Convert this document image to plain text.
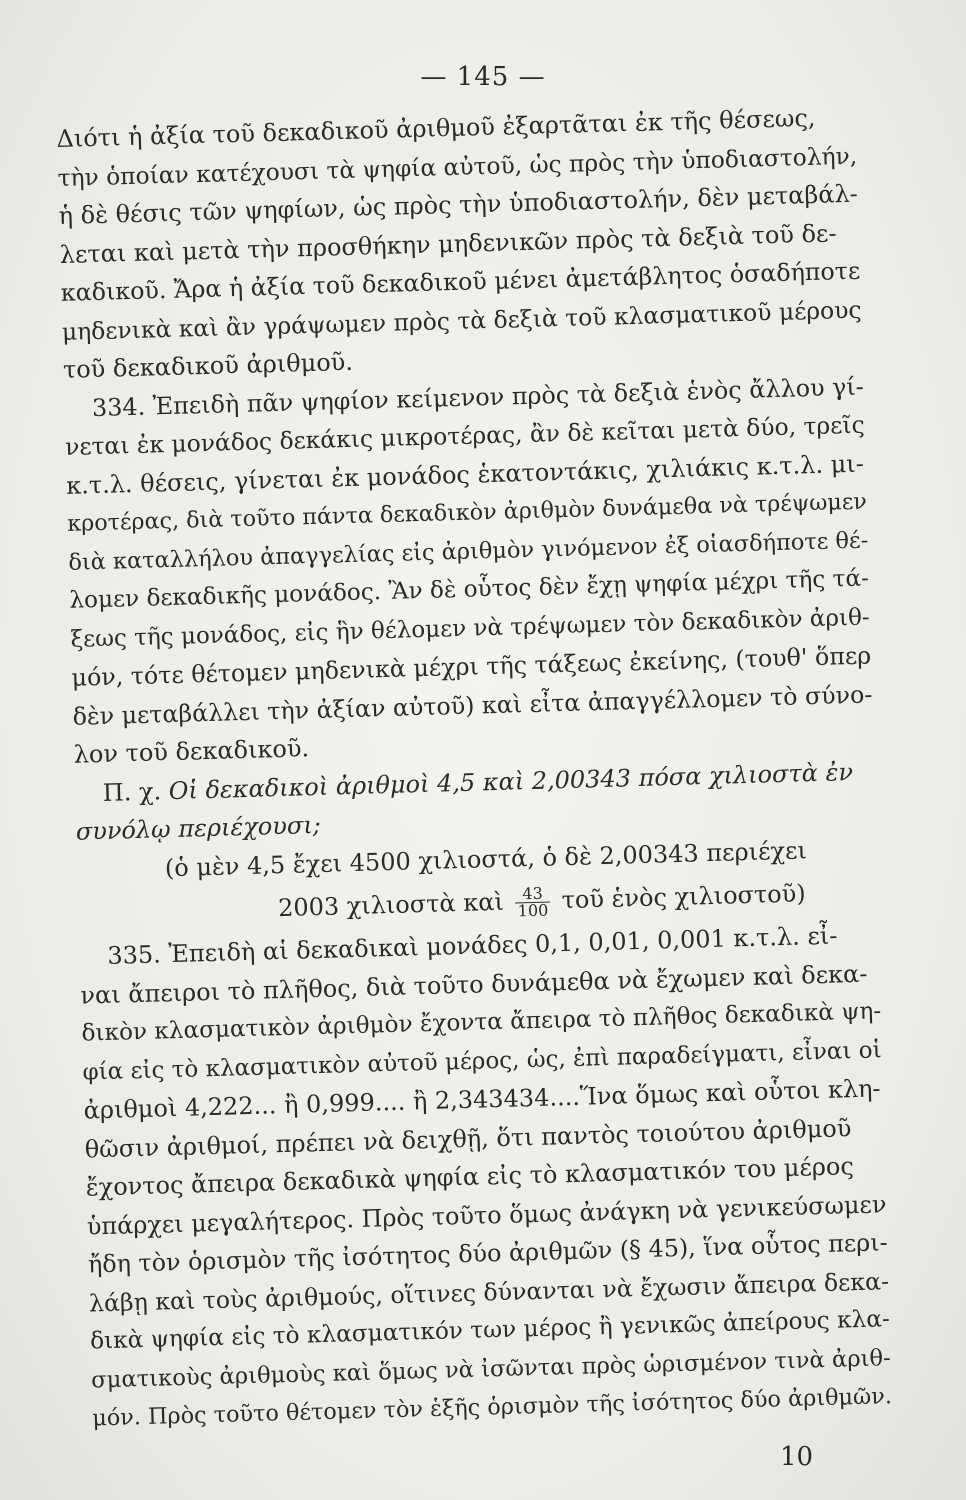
— 145 —
Διότι ἡ ἀξία τοῦ δεκαδικοῦ ἀριθμοῦ ἐξαρτᾶται ἐκ τῆς θέσεως,
τὴν ὁποίαν κατέχουσι τὰ ψηφία αὐτοῦ, ὡς πρὸς τὴν ὑποδιαστολήν,
ἡ δὲ θέσις τῶν ψηφίων, ὡς πρὸς τὴν ὑποδιαστολήν, δὲν μεταβάλ-
λεται καὶ μετὰ τὴν προσθήκην μηδενικῶν πρὸς τὰ δεξιὰ τοῦ δε-
καδικοῦ. Ἄρα ἡ ἀξία τοῦ δεκαδικοῦ μένει ἀμετάβλητος ὁσαδήποτε
μηδενικὰ καὶ ἂν γράψωμεν πρὸς τὰ δεξιὰ τοῦ κλασματικοῦ μέρους
τοῦ δεκαδικοῦ ἀριθμοῦ.
334. Ἐπειδὴ πᾶν ψηφίον κείμενον πρὸς τὰ δεξιὰ ἑνὸς ἄλλου γί-
νεται ἐκ μονάδος δεκάκις μικροτέρας, ἂν δὲ κεῖται μετὰ δύο, τρεῖς
κ.τ.λ. θέσεις, γίνεται ἐκ μονάδος ἑκατοντάκις, χιλιάκις κ.τ.λ. μι-
κροτέρας, διὰ τοῦτο πάντα δεκαδικὸν ἀριθμὸν δυνάμεθα νὰ τρέψωμεν
διὰ καταλλήλου ἀπαγγελίας εἰς ἀριθμὸν γινόμενον ἐξ οἱασδήποτε θέ-
λομεν δεκαδικῆς μονάδος. Ἂν δὲ οὗτος δὲν ἔχῃ ψηφία μέχρι τῆς τά-
ξεως τῆς μονάδος, εἰς ἣν θέλομεν νὰ τρέψωμεν τὸν δεκαδικὸν ἀριθ-
μόν, τότε θέτομεν μηδενικὰ μέχρι τῆς τάξεως ἐκείνης, (τουθ' ὅπερ
δὲν μεταβάλλει τὴν ἀξίαν αὐτοῦ) καὶ εἶτα ἀπαγγέλλομεν τὸ σύνο-
λον τοῦ δεκαδικοῦ.
Π. χ. Οἱ δεκαδικοὶ ἀριθμοὶ 4,5 καὶ 2,00343 πόσα χιλιοστὰ ἐν
συνόλῳ περιέχουσι;
(ὁ μὲν 4,5 ἔχει 4500 χιλιοστά, ὁ δὲ 2,00343 περιέχει
2003 χιλιοστὰ καὶ $\frac{43}{100}$ τοῦ ἑνὸς χιλιοστοῦ)
335. Ἐπειδὴ αἱ δεκαδικαὶ μονάδες 0,1, 0,01, 0,001 κ.τ.λ. εἶ-
ναι ἄπειροι τὸ πλῆθος, διὰ τοῦτο δυνάμεθα νὰ ἔχωμεν καὶ δεκα-
δικὸν κλασματικὸν ἀριθμὸν ἔχοντα ἄπειρα τὸ πλῆθος δεκαδικὰ ψη-
φία εἰς τὸ κλασματικὸν αὐτοῦ μέρος, ὡς, ἐπὶ παραδείγματι, εἶναι οἱ
ἀριθμοὶ 4,222... ἢ 0,999.... ἢ 2,343434....Ἵνα ὅμως καὶ οὗτοι κλη-
θῶσιν ἀριθμοί, πρέπει νὰ δειχθῇ, ὅτι παντὸς τοιούτου ἀριθμοῦ
ἔχοντος ἄπειρα δεκαδικὰ ψηφία εἰς τὸ κλασματικόν του μέρος
ὑπάρχει μεγαλήτερος. Πρὸς τοῦτο ὅμως ἀνάγκη νὰ γενικεύσωμεν
ἤδη τὸν ὁρισμὸν τῆς ἰσότητος δύο ἀριθμῶν (§ 45), ἵνα οὗτος περι-
λάβῃ καὶ τοὺς ἀριθμούς, οἵτινες δύνανται νὰ ἔχωσιν ἄπειρα δεκα-
δικὰ ψηφία εἰς τὸ κλασματικόν των μέρος ἢ γενικῶς ἀπείρους κλα-
σματικοὺς ἀριθμοὺς καὶ ὅμως νὰ ἰσῶνται πρὸς ὡρισμένον τινὰ ἀριθ-
μόν. Πρὸς τοῦτο θέτομεν τὸν ἑξῆς ὁρισμὸν τῆς ἰσότητος δύο ἀριθμῶν.
10
